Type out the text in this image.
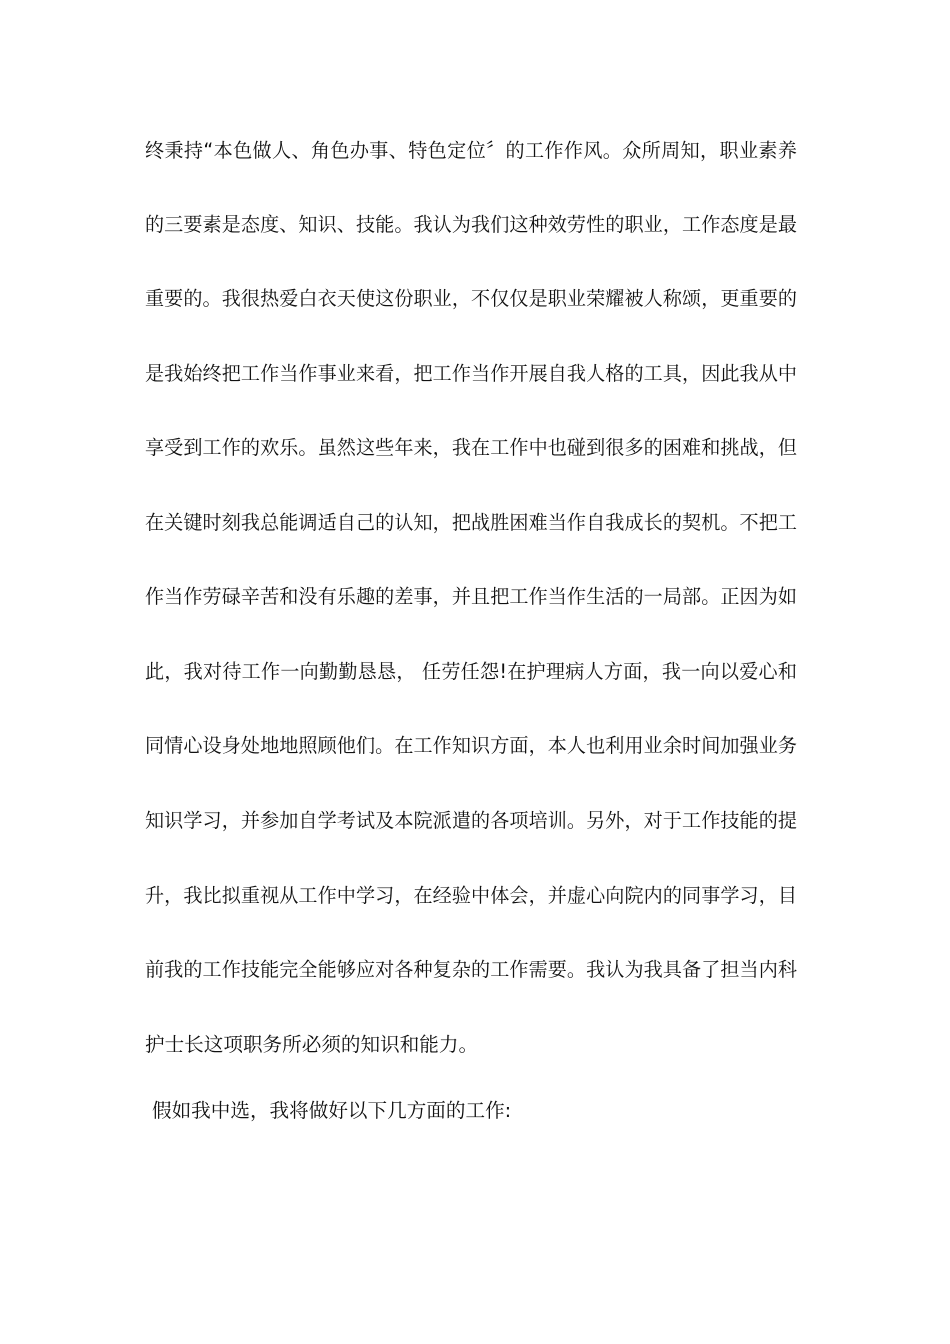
终秉持“本色做人、角色办事、特色定位〞的工作作风。众所周知，职业素养
的三要素是态度、知识、技能。我认为我们这种效劳性的职业，工作态度是最
重要的。我很热爱白衣天使这份职业，不仅仅是职业荣耀被人称颂，更重要的
是我始终把工作当作事业来看，把工作当作开展自我人格的工具，因此我从中
享受到工作的欢乐。虽然这些年来，我在工作中也碰到很多的困难和挑战，但
在关键时刻我总能调适自己的认知，把战胜困难当作自我成长的契机。不把工
作当作劳碌辛苦和没有乐趣的差事，并且把工作当作生活的一局部。正因为如
此，我对待工作一向勤勤恳恳， 任劳任怨!在护理病人方面，我一向以爱心和
同情心设身处地地照顾他们。在工作知识方面，本人也利用业余时间加强业务
知识学习，并参加自学考试及本院派遣的各项培训。另外，对于工作技能的提
升，我比拟重视从工作中学习，在经验中体会，并虚心向院内的同事学习，目
前我的工作技能完全能够应对各种复杂的工作需要。我认为我具备了担当内科
护士长这项职务所必须的知识和能力。
假如我中选，我将做好以下几方面的工作:
